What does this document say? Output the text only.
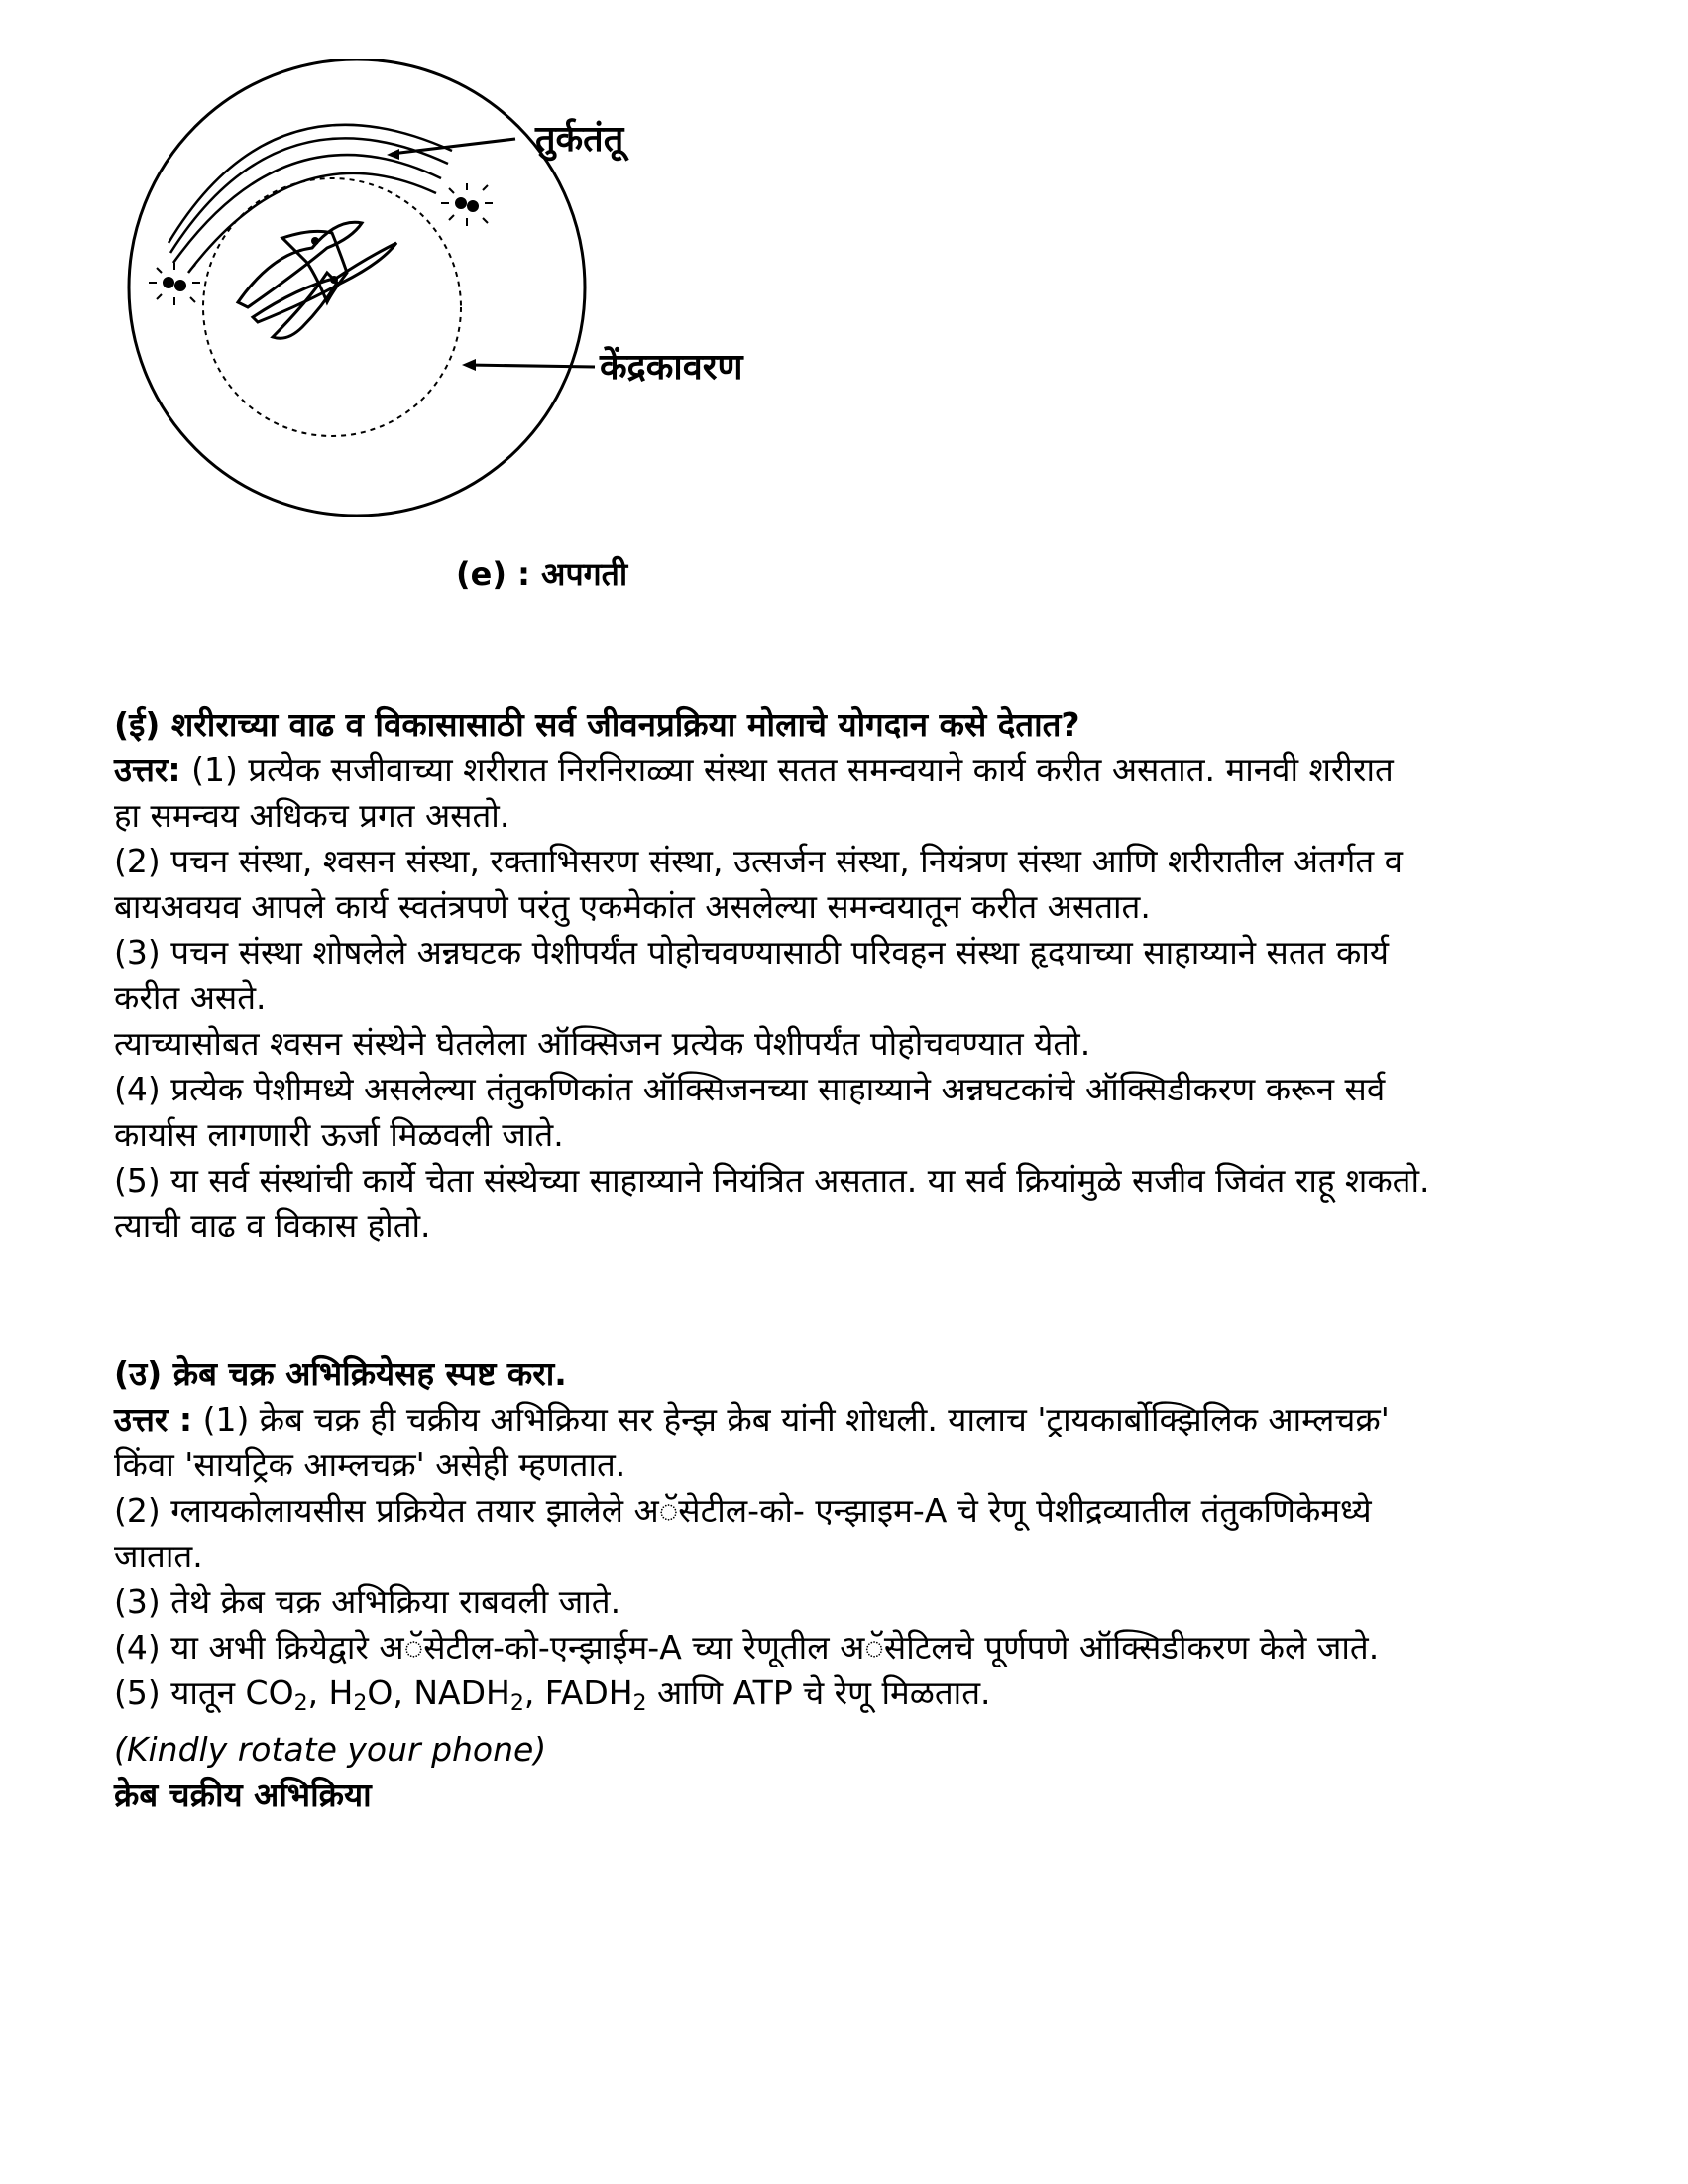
तुर्कतंतू
केंद्रकावरण
(e) : अपगती

(ई) शरीराच्या वाढ व विकासासाठी सर्व जीवनप्रक्रिया मोलाचे योगदान कसे देतात?

उत्तर: (1) प्रत्येक सजीवाच्या शरीरात निरनिराळ्या संस्था सतत समन्वयाने कार्य करीत असतात. मानवी शरीरात

हा समन्वय अधिकच प्रगत असतो.

(2) पचन संस्था, श्वसन संस्था, रक्ताभिसरण संस्था, उत्सर्जन संस्था, नियंत्रण संस्था आणि शरीरातील अंतर्गत व

बायअवयव आपले कार्य स्वतंत्रपणे परंतु एकमेकांत असलेल्या समन्वयातून करीत असतात.

(3) पचन संस्था शोषलेले अन्नघटक पेशीपर्यंत पोहोचवण्यासाठी परिवहन संस्था हृदयाच्या साहाय्याने सतत कार्य

करीत असते.

त्याच्यासोबत श्वसन संस्थेने घेतलेला ऑक्सिजन प्रत्येक पेशीपर्यंत पोहोचवण्यात येतो.

(4) प्रत्येक पेशीमध्ये असलेल्या तंतुकणिकांत ऑक्सिजनच्या साहाय्याने अन्नघटकांचे ऑक्सिडीकरण करून सर्व

कार्यास लागणारी ऊर्जा मिळवली जाते.

(5) या सर्व संस्थांची कार्ये चेता संस्थेच्या साहाय्याने नियंत्रित असतात. या सर्व क्रियांमुळे सजीव जिवंत राहू शकतो.

त्याची वाढ व विकास होतो.

(उ) क्रेब चक्र अभिक्रियेसह स्पष्ट करा.

उत्तर : (1) क्रेब चक्र ही चक्रीय अभिक्रिया सर हेन्झ क्रेब यांनी शोधली. यालाच 'ट्रायकार्बोक्झिलिक आम्लचक्र'

किंवा 'सायट्रिक आम्लचक्र' असेही म्हणतात.

(2) ग्लायकोलायसीस प्रक्रियेत तयार झालेले अॅसेटील-को- एन्झाइम-A चे रेणू पेशीद्रव्यातील तंतुकणिकेमध्ये

जातात.

(3) तेथे क्रेब चक्र अभिक्रिया राबवली जाते.

(4) या अभी क्रियेद्वारे अॅसेटील-को-एन्झाईम-A च्या रेणूतील अॅसेटिलचे पूर्णपणे ऑक्सिडीकरण केले जाते.

(5) यातून $CO_2$, $H_2O$, $NADH_2$, $FADH_2$ आणि ATP चे रेणू मिळतात.

(Kindly rotate your phone)

क्रेब चक्रीय अभिक्रिया
